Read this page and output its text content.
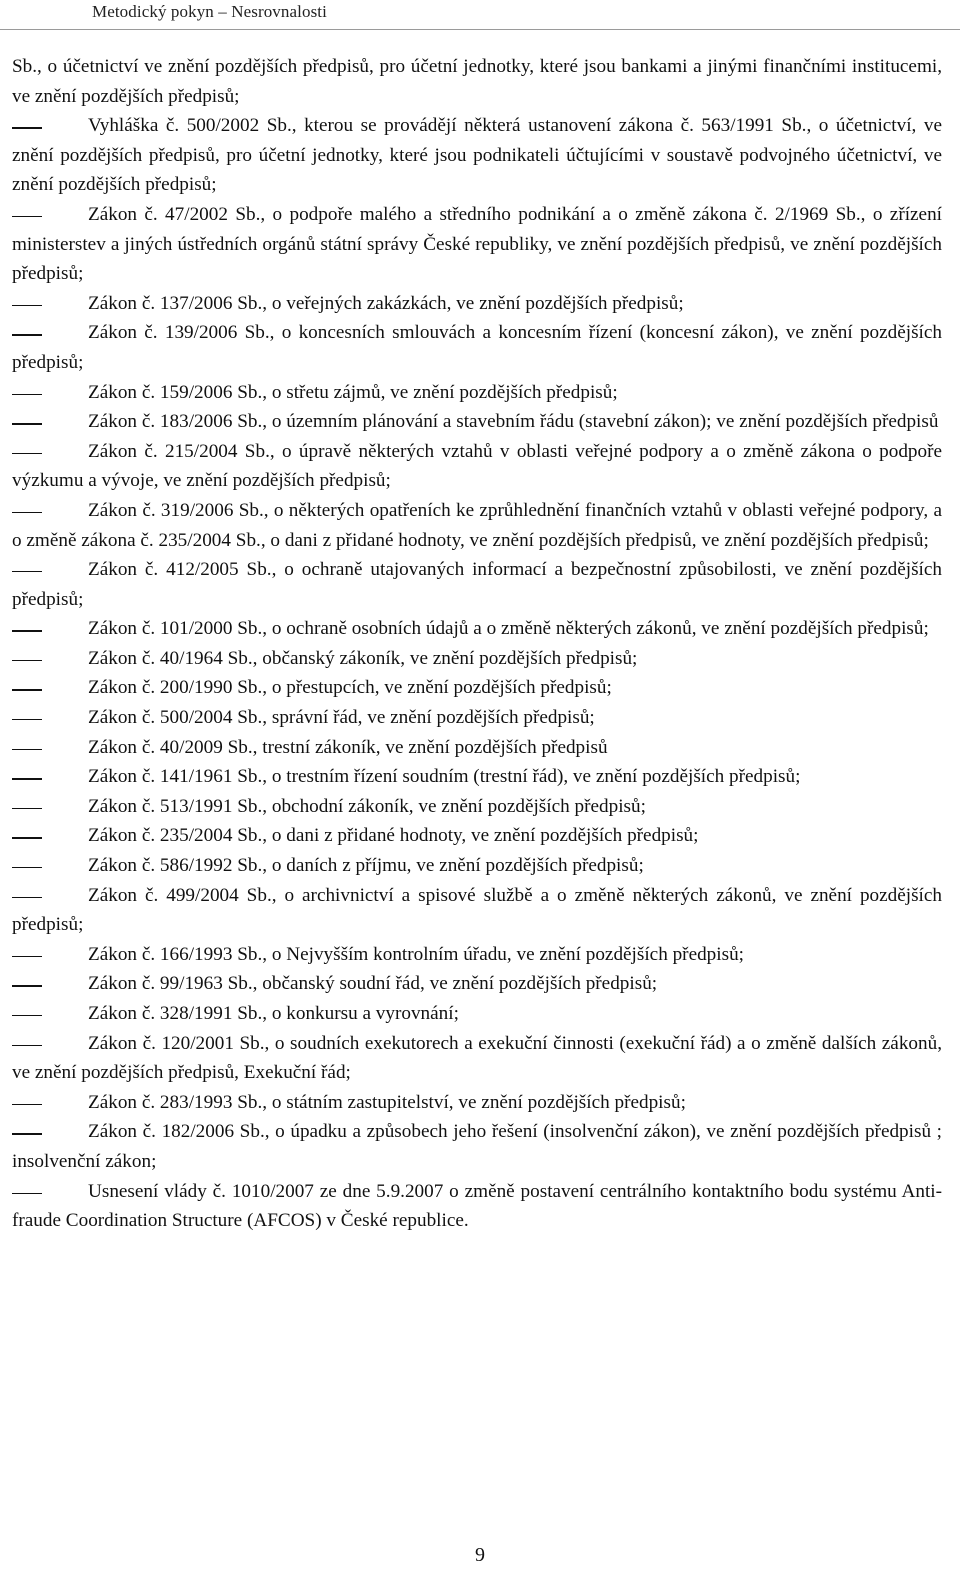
Metodický pokyn – Nesrovnalosti
Sb., o účetnictví ve znění pozdějších předpisů, pro účetní jednotky, které jsou bankami a jinými finančními institucemi, ve znění pozdějších předpisů;
Vyhláška č. 500/2002 Sb., kterou se provádějí některá ustanovení zákona č. 563/1991 Sb., o účetnictví, ve znění pozdějších předpisů, pro účetní jednotky, které jsou podnikateli účtujícími v soustavě podvojného účetnictví, ve znění pozdějších předpisů;
Zákon č. 47/2002 Sb., o podpoře malého a středního podnikání a o změně zákona č. 2/1969 Sb., o zřízení ministerstev a jiných ústředních orgánů státní správy České republiky, ve znění pozdějších předpisů, ve znění pozdějších předpisů;
Zákon č. 137/2006 Sb., o veřejných zakázkách, ve znění pozdějších předpisů;
Zákon č. 139/2006 Sb., o koncesních smlouvách a koncesním řízení (koncesní zákon), ve znění pozdějších předpisů;
Zákon č. 159/2006 Sb., o střetu zájmů, ve znění pozdějších předpisů;
Zákon č. 183/2006 Sb., o územním plánování a stavebním řádu (stavební zákon); ve znění pozdějších předpisů
Zákon č. 215/2004 Sb., o úpravě některých vztahů v oblasti veřejné podpory a o změně zákona o podpoře výzkumu a vývoje, ve znění pozdějších předpisů;
Zákon č. 319/2006 Sb., o některých opatřeních ke zprůhlednění finančních vztahů v oblasti veřejné podpory, a o změně zákona č. 235/2004 Sb., o dani z přidané hodnoty, ve znění pozdějších předpisů, ve znění pozdějších předpisů;
Zákon č. 412/2005 Sb., o ochraně utajovaných informací a bezpečnostní způsobilosti, ve znění pozdějších předpisů;
Zákon č. 101/2000 Sb., o ochraně osobních údajů a o změně některých zákonů, ve znění pozdějších předpisů;
Zákon č. 40/1964 Sb., občanský zákoník, ve znění pozdějších předpisů;
Zákon č. 200/1990 Sb., o přestupcích, ve znění pozdějších předpisů;
Zákon č. 500/2004 Sb., správní řád, ve znění pozdějších předpisů;
Zákon č. 40/2009 Sb., trestní zákoník, ve znění pozdějších předpisů
Zákon č. 141/1961 Sb., o trestním řízení soudním (trestní řád), ve znění pozdějších předpisů;
Zákon č. 513/1991 Sb., obchodní zákoník, ve znění pozdějších předpisů;
Zákon č. 235/2004 Sb., o dani z přidané hodnoty, ve znění pozdějších předpisů;
Zákon č. 586/1992 Sb., o daních z příjmu, ve znění pozdějších předpisů;
Zákon č. 499/2004 Sb., o archivnictví a spisové službě a o změně některých zákonů, ve znění pozdějších předpisů;
Zákon č. 166/1993 Sb., o Nejvyšším kontrolním úřadu, ve znění pozdějších předpisů;
Zákon č. 99/1963 Sb., občanský soudní řád, ve znění pozdějších předpisů;
Zákon č. 328/1991 Sb., o konkursu a vyrovnání;
Zákon č. 120/2001 Sb., o soudních exekutorech a exekuční činnosti (exekuční řád) a o změně dalších zákonů, ve znění pozdějších předpisů, Exekuční řád;
Zákon č. 283/1993 Sb., o státním zastupitelství, ve znění pozdějších předpisů;
Zákon č. 182/2006 Sb., o úpadku a způsobech jeho řešení (insolvenční zákon), ve znění pozdějších předpisů ; insolvenční zákon;
Usnesení vlády č. 1010/2007 ze dne 5.9.2007 o změně postavení centrálního kontaktního bodu systému Anti-fraude Coordination Structure (AFCOS) v České republice.
9
